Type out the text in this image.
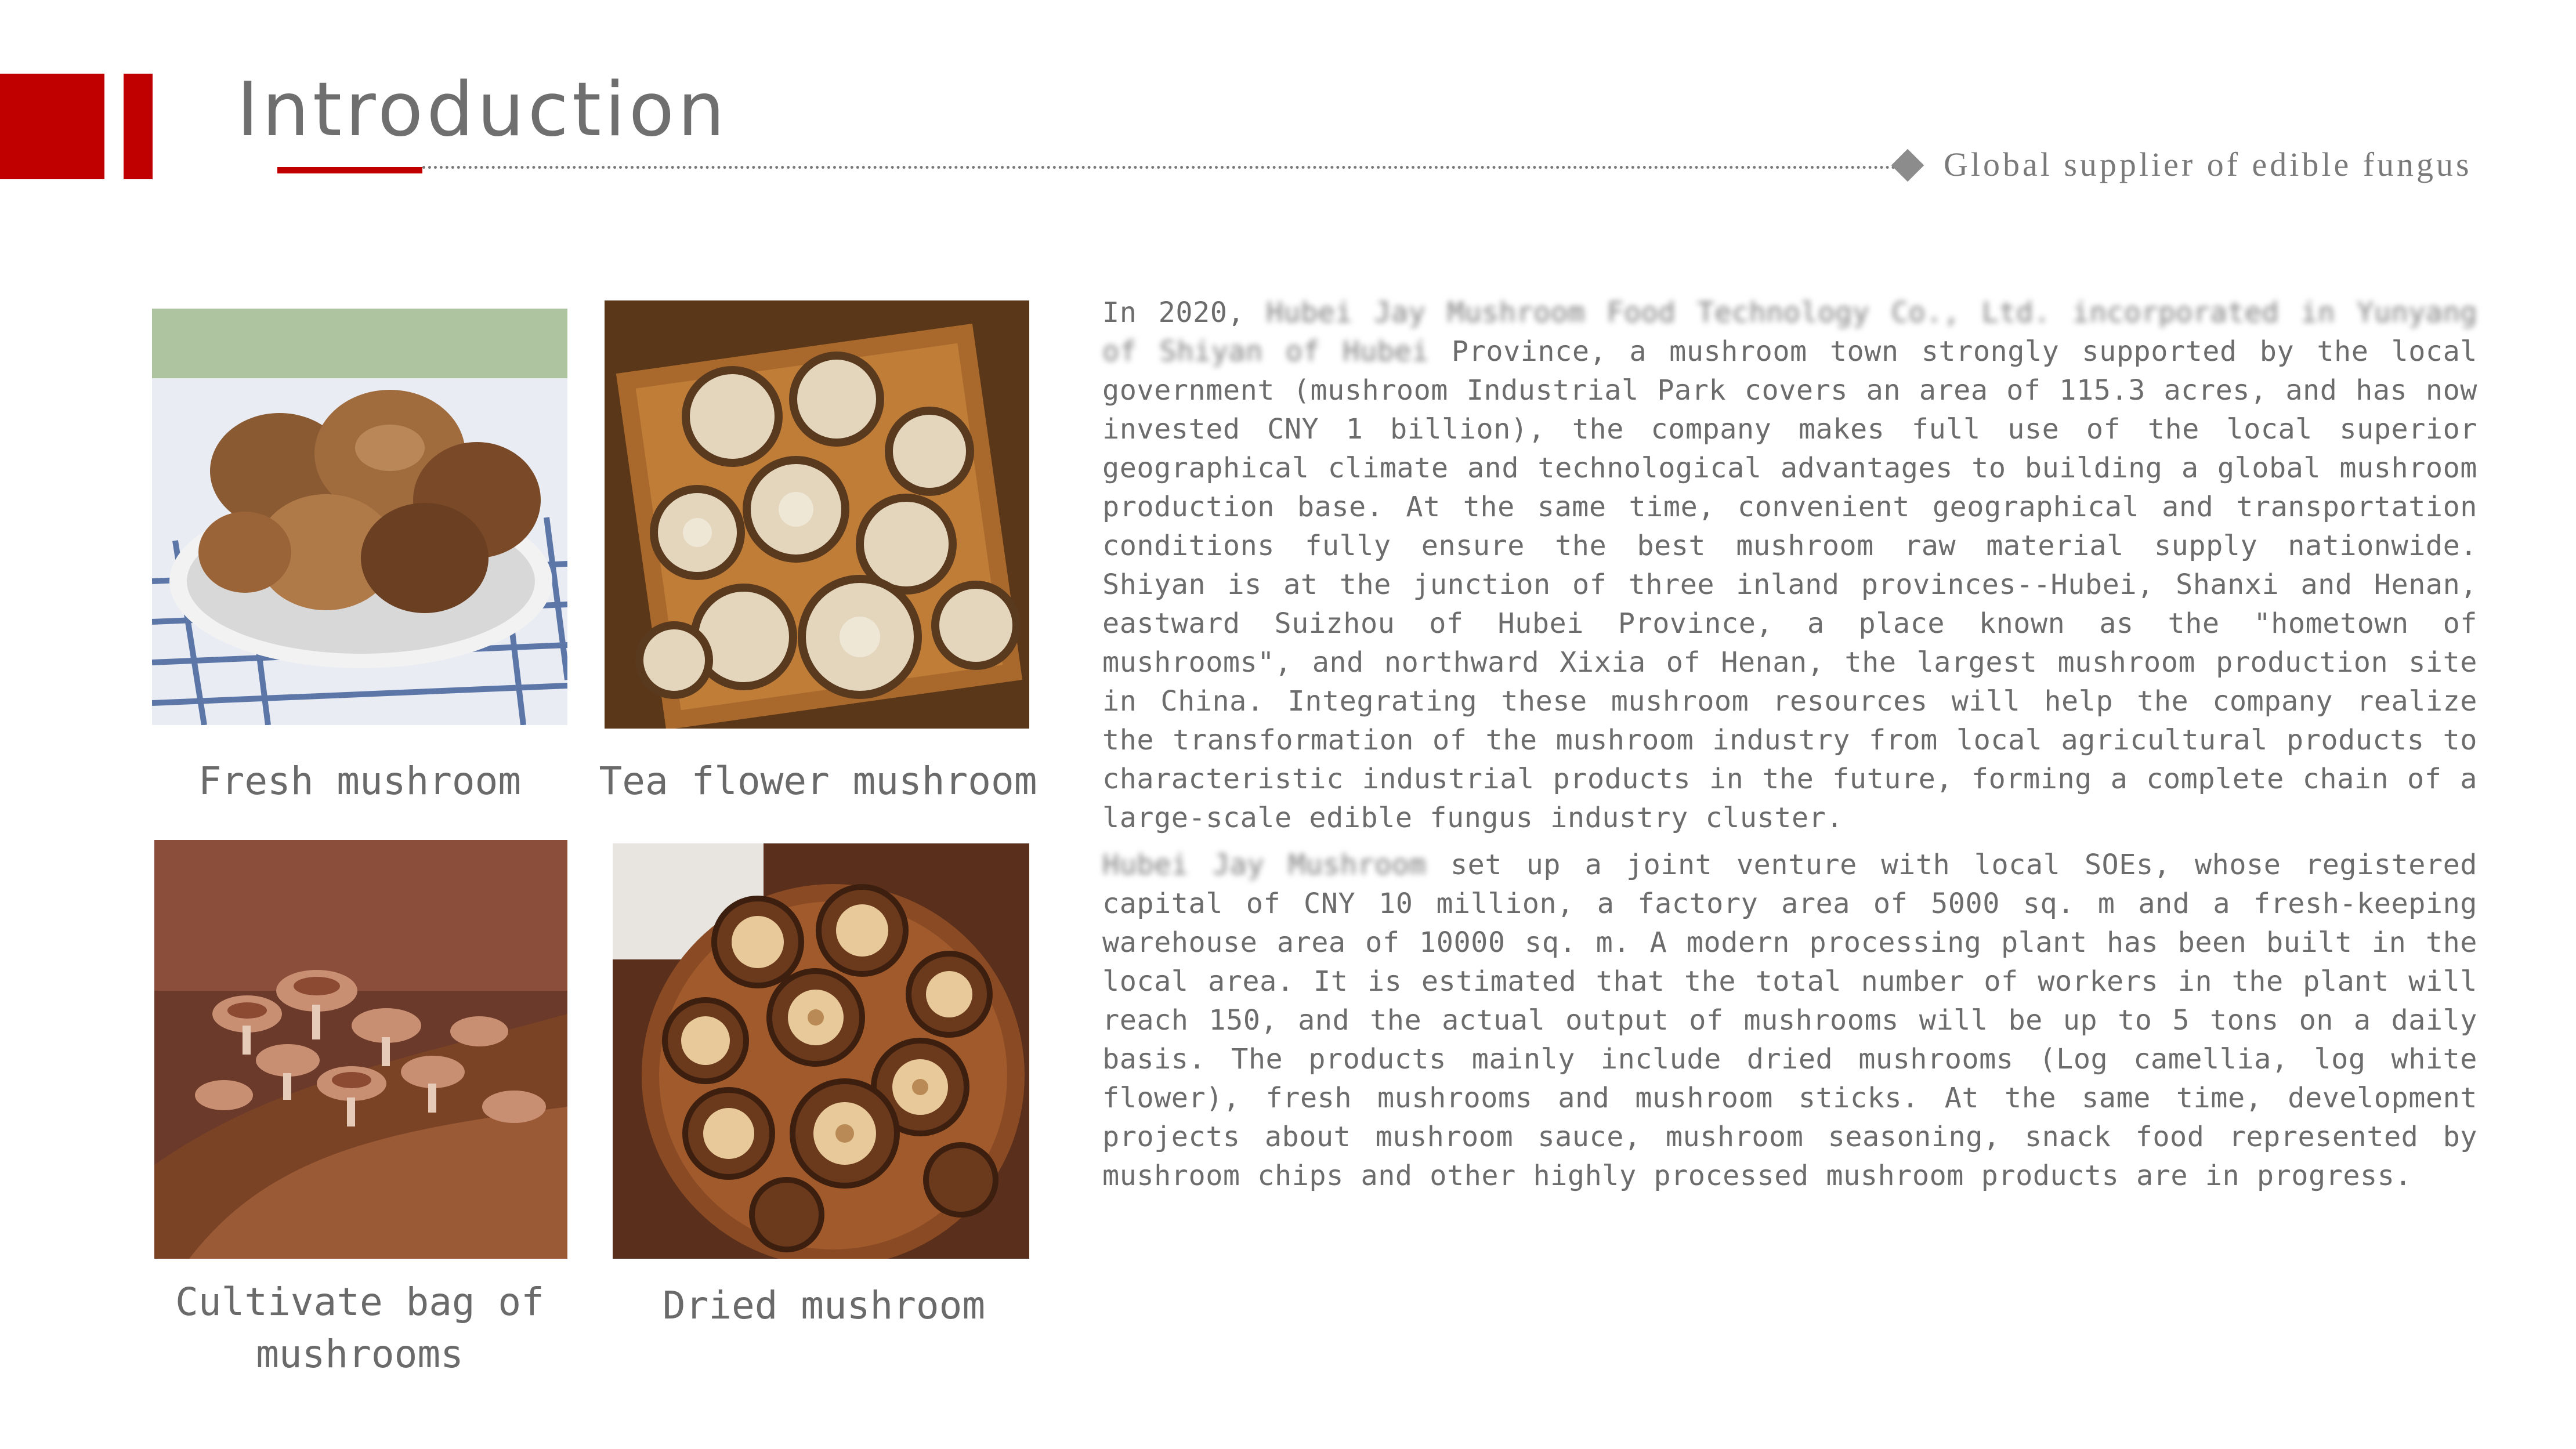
Introduction
Global supplier of edible fungus
Fresh mushroom	Tea flower mushroom
Cultivate bag of
mushrooms
Dried mushroom
In 2020, Hubei Jay Mushroom Food Technology Co., Ltd. incorporated in Yunyang of Shiyan of Hubei Province, a mushroom town strongly supported by the local government (mushroom Industrial Park covers an area of 115.3 acres, and has now invested CNY 1 billion), the company makes full use of the local superior geographical climate and technological advantages to building a global mushroom production base. At the same time, convenient geographical and transportation conditions fully ensure the best mushroom raw material supply nationwide. Shiyan is at the junction of three inland provinces--Hubei, Shanxi and Henan, eastward Suizhou of Hubei Province, a place known as the "hometown of mushrooms", and northward Xixia of Henan, the largest mushroom production site in China. Integrating these mushroom resources will help the company realize the transformation of the mushroom industry from local agricultural products to characteristic industrial products in the future, forming a complete chain of a large-scale edible fungus industry cluster.
Hubei Jay Mushroom set up a joint venture with local SOEs, whose registered capital of CNY 10 million, a factory area of 5000 sq. m and a fresh-keeping warehouse area of 10000 sq. m. A modern processing plant has been built in the local area. It is estimated that the total number of workers in the plant will reach 150, and the actual output of mushrooms will be up to 5 tons on a daily basis. The products mainly include dried mushrooms (Log camellia, log white flower), fresh mushrooms and mushroom sticks. At the same time, development projects about mushroom sauce, mushroom seasoning, snack food represented by mushroom chips and other highly processed mushroom products are in progress.
